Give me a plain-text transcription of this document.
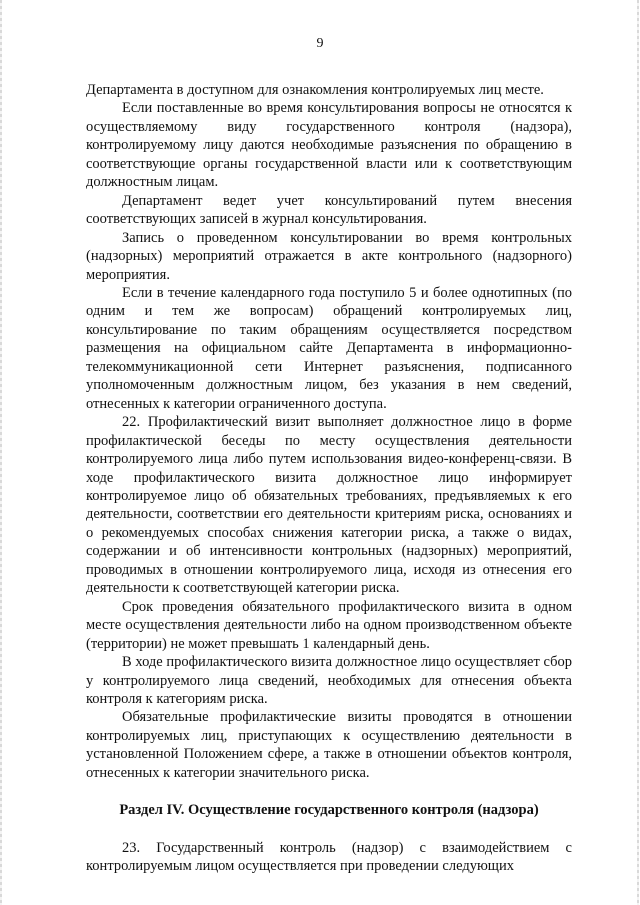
9

Департамента в доступном для ознакомления контролируемых лиц месте.

Если поставленные во время консультирования вопросы не относятся к осуществляемому виду государственного контроля (надзора), контролируемому лицу даются необходимые разъяснения по обращению в соответствующие органы государственной власти или к соответствующим должностным лицам.

Департамент ведет учет консультирований путем внесения соответствующих записей в журнал консультирования.

Запись о проведенном консультировании во время контрольных (надзорных) мероприятий отражается в акте контрольного (надзорного) мероприятия.

Если в течение календарного года поступило 5 и более однотипных (по одним и тем же вопросам) обращений контролируемых лиц, консультирование по таким обращениям осуществляется посредством размещения на официальном сайте Департамента в информационно-телекоммуникационной сети Интернет разъяснения, подписанного уполномоченным должностным лицом, без указания в нем сведений, отнесенных к категории ограниченного доступа.

22. Профилактический визит выполняет должностное лицо в форме профилактической беседы по месту осуществления деятельности контролируемого лица либо путем использования видео-конференц-связи. В ходе профилактического визита должностное лицо информирует контролируемое лицо об обязательных требованиях, предъявляемых к его деятельности, соответствии его деятельности критериям риска, основаниях и о рекомендуемых способах снижения категории риска, а также о видах, содержании и об интенсивности контрольных (надзорных) мероприятий, проводимых в отношении контролируемого лица, исходя из отнесения его деятельности к соответствующей категории риска.

Срок проведения обязательного профилактического визита в одном месте осуществления деятельности либо на одном производственном объекте (территории) не может превышать 1 календарный день.

В ходе профилактического визита должностное лицо осуществляет сбор у контролируемого лица сведений, необходимых для отнесения объекта контроля к категориям риска.

Обязательные профилактические визиты проводятся в отношении контролируемых лиц, приступающих к осуществлению деятельности в установленной Положением сфере, а также в отношении объектов контроля, отнесенных к категории значительного риска.

Раздел IV. Осуществление государственного контроля (надзора)

23. Государственный контроль (надзор) с взаимодействием с контролируемым лицом осуществляется при проведении следующих
